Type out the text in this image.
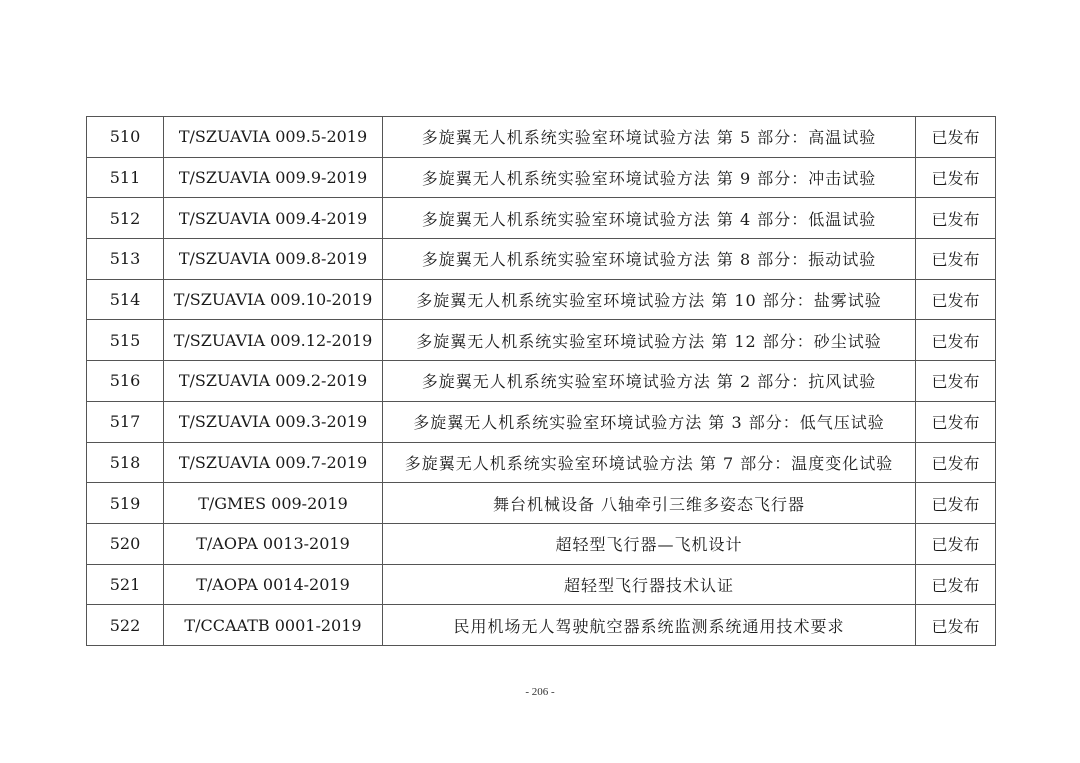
510	T/SZUAVIA 009.5-2019	多旋翼无人机系统实验室环境试验方法 第 5 部分：高温试验	已发布
511	T/SZUAVIA 009.9-2019	多旋翼无人机系统实验室环境试验方法 第 9 部分：冲击试验	已发布
512	T/SZUAVIA 009.4-2019	多旋翼无人机系统实验室环境试验方法 第 4 部分：低温试验	已发布
513	T/SZUAVIA 009.8-2019	多旋翼无人机系统实验室环境试验方法 第 8 部分：振动试验	已发布
514	T/SZUAVIA 009.10-2019	多旋翼无人机系统实验室环境试验方法 第 10 部分：盐雾试验	已发布
515	T/SZUAVIA 009.12-2019	多旋翼无人机系统实验室环境试验方法 第 12 部分：砂尘试验	已发布
516	T/SZUAVIA 009.2-2019	多旋翼无人机系统实验室环境试验方法 第 2 部分：抗风试验	已发布
517	T/SZUAVIA 009.3-2019	多旋翼无人机系统实验室环境试验方法 第 3 部分：低气压试验	已发布
518	T/SZUAVIA 009.7-2019	多旋翼无人机系统实验室环境试验方法 第 7 部分：温度变化试验	已发布
519	T/GMES 009-2019	舞台机械设备 八轴牵引三维多姿态飞行器	已发布
520	T/AOPA 0013-2019	超轻型飞行器—飞机设计	已发布
521	T/AOPA 0014-2019	超轻型飞行器技术认证	已发布
522	T/CCAATB 0001-2019	民用机场无人驾驶航空器系统监测系统通用技术要求	已发布
- 206 -
